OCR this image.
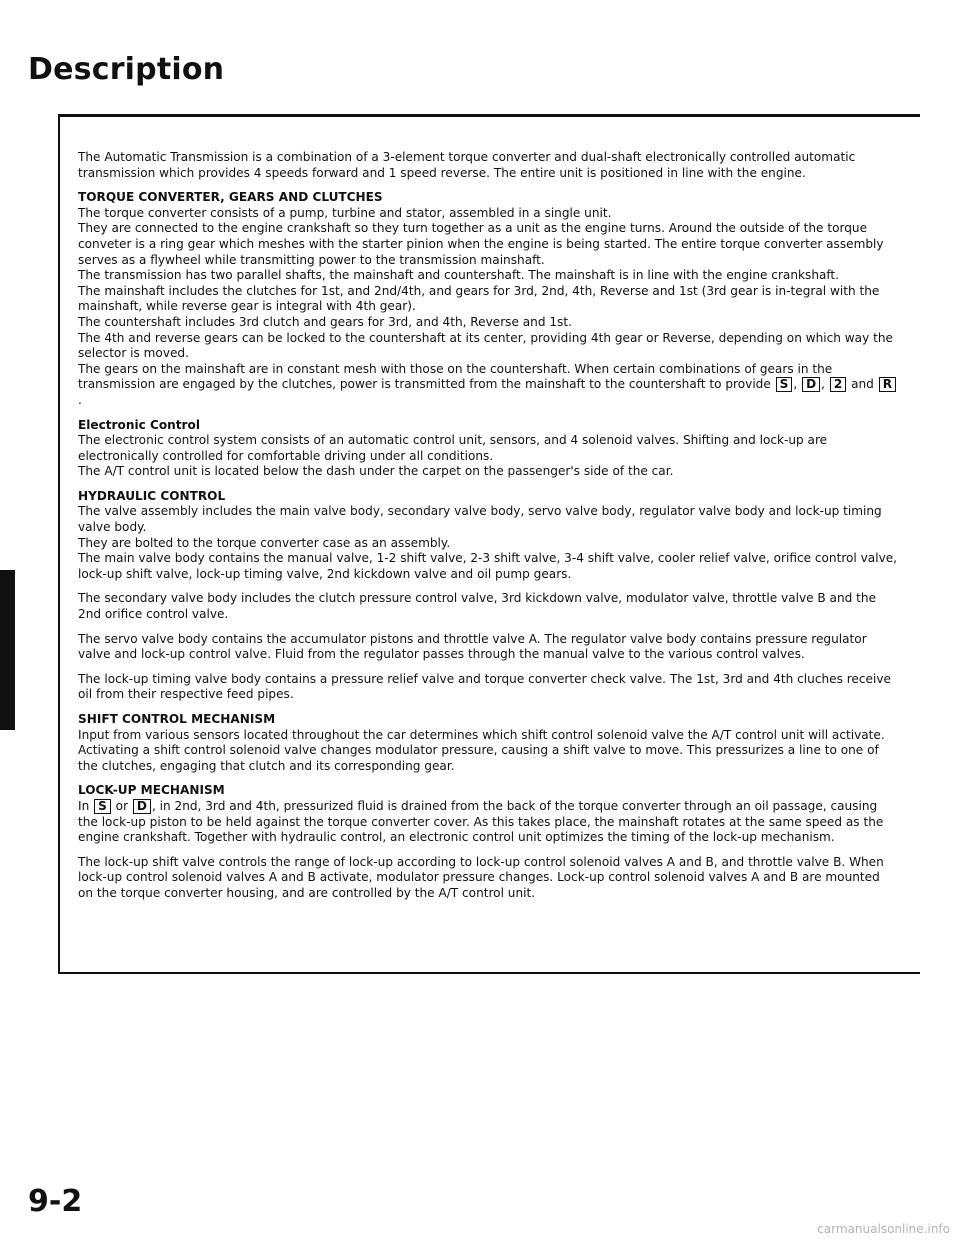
Description

The Automatic Transmission is a combination of a 3-element torque converter and dual-shaft electronically controlled automatic transmission which provides 4 speeds forward and 1 speed reverse. The entire unit is positioned in line with the engine.

TORQUE CONVERTER, GEARS AND CLUTCHES
The torque converter consists of a pump, turbine and stator, assembled in a single unit.
They are connected to the engine crankshaft so they turn together as a unit as the engine turns. Around the outside of the torque conveter is a ring gear which meshes with the starter pinion when the engine is being started. The entire torque converter assembly serves as a flywheel while transmitting power to the transmission mainshaft.
The transmission has two parallel shafts, the mainshaft and countershaft. The mainshaft is in line with the engine crankshaft.
The mainshaft includes the clutches for 1st, and 2nd/4th, and gears for 3rd, 2nd, 4th, Reverse and 1st (3rd gear is in-tegral with the mainshaft, while reverse gear is integral with 4th gear).
The countershaft includes 3rd clutch and gears for 3rd, and 4th, Reverse and 1st.
The 4th and reverse gears can be locked to the countershaft at its center, providing 4th gear or Reverse, depending on which way the selector is moved.
The gears on the mainshaft are in constant mesh with those on the countershaft. When certain combinations of gears in the transmission are engaged by the clutches, power is transmitted from the mainshaft to the countershaft to provide S , D , 2 and R.

Electronic Control
The electronic control system consists of an automatic control unit, sensors, and 4 solenoid valves. Shifting and lock-up are electronically controlled for comfortable driving under all conditions.
The A/T control unit is located below the dash under the carpet on the passenger's side of the car.

HYDRAULIC CONTROL
The valve assembly includes the main valve body, secondary valve body, servo valve body, regulator valve body and lock-up timing valve body.
They are bolted to the torque converter case as an assembly.
The main valve body contains the manual valve, 1-2 shift valve, 2-3 shift valve, 3-4 shift valve, cooler relief valve, orifice control valve, lock-up shift valve, lock-up timing valve, 2nd kickdown valve and oil pump gears.

The secondary valve body includes the clutch pressure control valve, 3rd kickdown valve, modulator valve, throttle valve B and the 2nd orifice control valve.

The servo valve body contains the accumulator pistons and throttle valve A. The regulator valve body contains pressure regulator valve and lock-up control valve. Fluid from the regulator passes through the manual valve to the various control valves.

The lock-up timing valve body contains a pressure relief valve and torque converter check valve. The 1st, 3rd and 4th cluches receive oil from their respective feed pipes.

SHIFT CONTROL MECHANISM
Input from various sensors located throughout the car determines which shift control solenoid valve the A/T control unit will activate. Activating a shift control solenoid valve changes modulator pressure, causing a shift valve to move. This pressurizes a line to one of the clutches, engaging that clutch and its corresponding gear.

LOCK-UP MECHANISM
In S or D , in 2nd, 3rd and 4th, pressurized fluid is drained from the back of the torque converter through an oil passage, causing the lock-up piston to be held against the torque converter cover. As this takes place, the mainshaft rotates at the same speed as the engine crankshaft. Together with hydraulic control, an electronic control unit optimizes the timing of the lock-up mechanism.

The lock-up shift valve controls the range of lock-up according to lock-up control solenoid valves A and B, and throttle valve B. When lock-up control solenoid valves A and B activate, modulator pressure changes. Lock-up control solenoid valves A and B are mounted on the torque converter housing, and are controlled by the A/T control unit.

9-2
carmanualsonline.info
